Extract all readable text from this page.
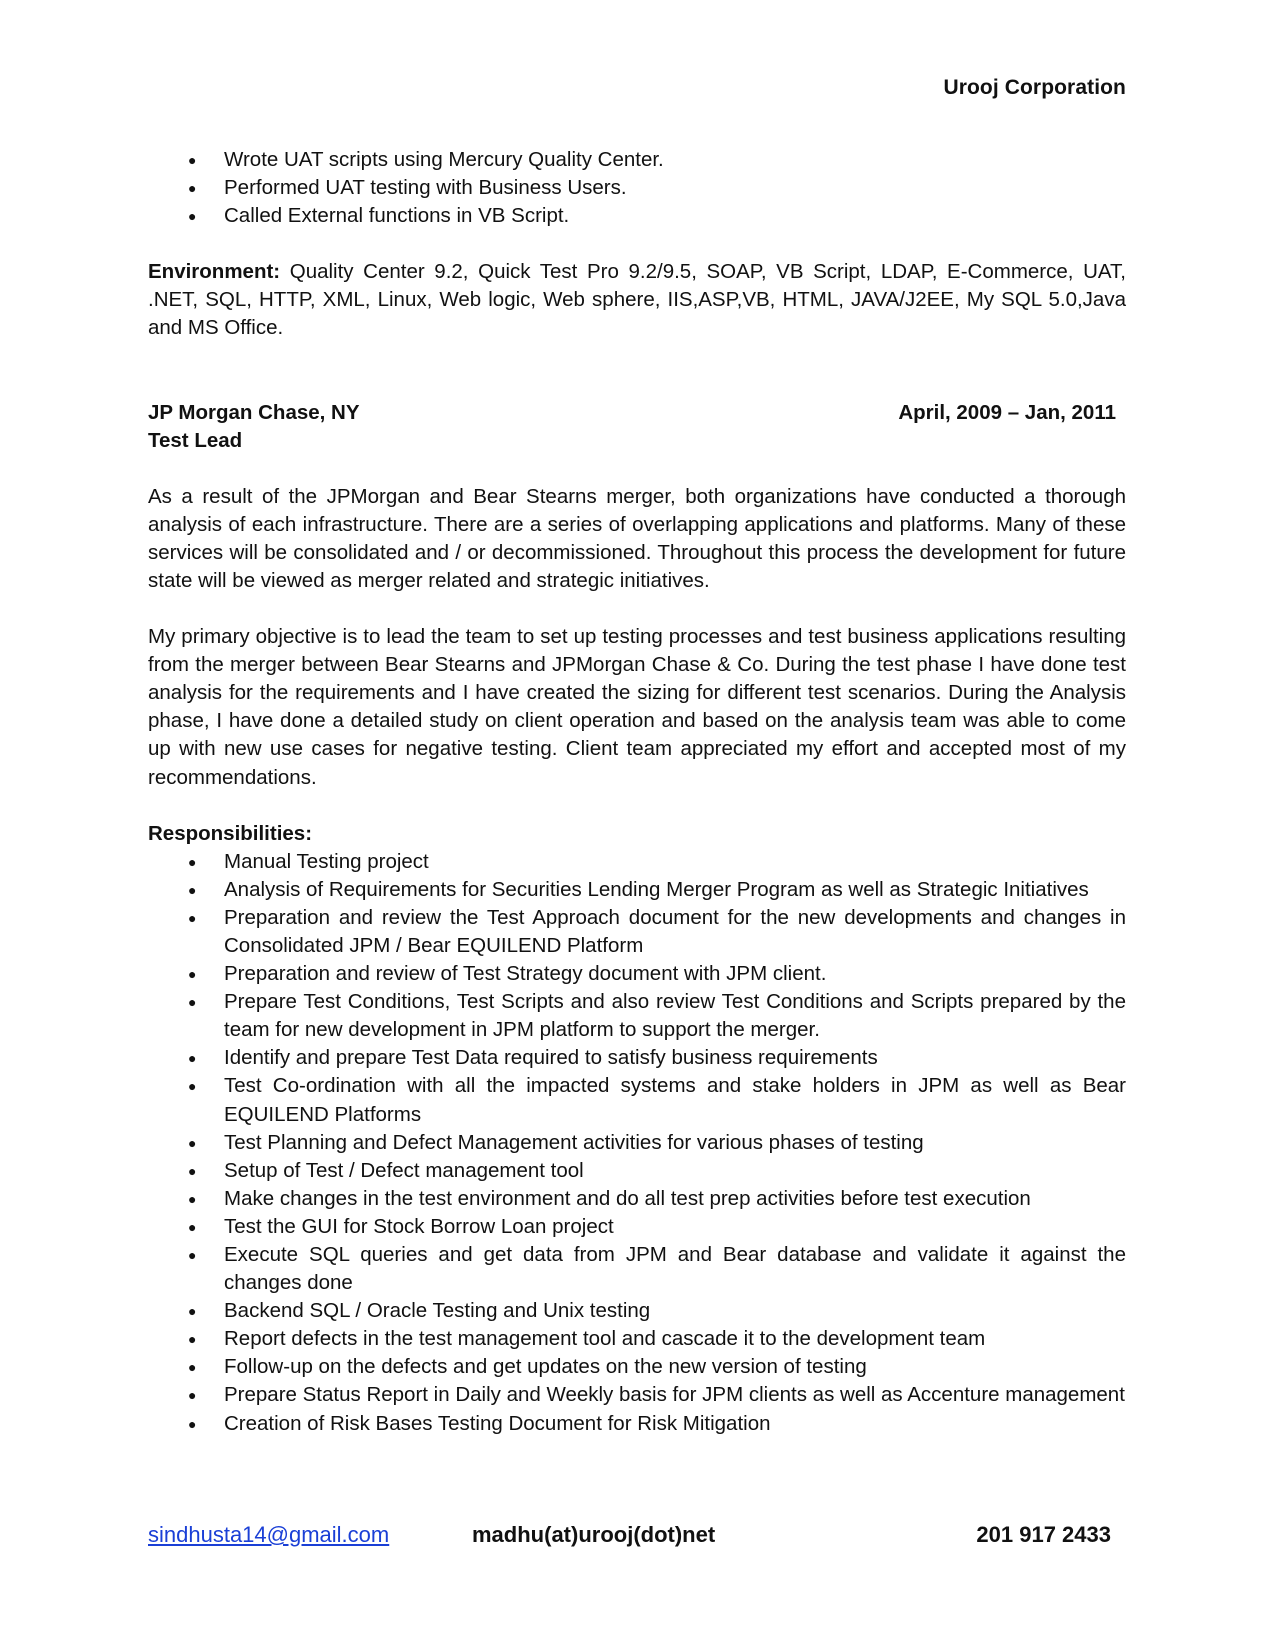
Urooj Corporation
● Wrote UAT scripts using Mercury Quality Center.
● Performed UAT testing with Business Users.
● Called External functions in VB Script.
Environment: Quality Center 9.2, Quick Test Pro 9.2/9.5, SOAP, VB Script, LDAP, E-Commerce, UAT, .NET, SQL, HTTP, XML, Linux, Web logic, Web sphere, IIS,ASP,VB, HTML, JAVA/J2EE, My SQL 5.0,Java and MS Office.
JP Morgan Chase, NY	April, 2009 – Jan, 2011
Test Lead
As a result of the JPMorgan and Bear Stearns merger, both organizations have conducted a thorough analysis of each infrastructure. There are a series of overlapping applications and platforms. Many of these services will be consolidated and / or decommissioned. Throughout this process the development for future state will be viewed as merger related and strategic initiatives.
My primary objective is to lead the team to set up testing processes and test business applications resulting from the merger between Bear Stearns and JPMorgan Chase & Co. During the test phase I have done test analysis for the requirements and I have created the sizing for different test scenarios. During the Analysis phase, I have done a detailed study on client operation and based on the analysis team was able to come up with new use cases for negative testing. Client team appreciated my effort and accepted most of my recommendations.
Responsibilities:
● Manual Testing project
● Analysis of Requirements for Securities Lending Merger Program as well as Strategic Initiatives
● Preparation and review the Test Approach document for the new developments and changes in Consolidated JPM / Bear EQUILEND Platform
● Preparation and review of Test Strategy document with JPM client.
● Prepare Test Conditions, Test Scripts and also review Test Conditions and Scripts prepared by the team for new development in JPM platform to support the merger.
● Identify and prepare Test Data required to satisfy business requirements
● Test Co-ordination with all the impacted systems and stake holders in JPM as well as Bear EQUILEND Platforms
● Test Planning and Defect Management activities for various phases of testing
● Setup of Test / Defect management tool
● Make changes in the test environment and do all test prep activities before test execution
● Test the GUI for Stock Borrow Loan project
● Execute SQL queries and get data from JPM and Bear database and validate it against the changes done
● Backend SQL / Oracle Testing and Unix testing
● Report defects in the test management tool and cascade it to the development team
● Follow-up on the defects and get updates on the new version of testing
● Prepare Status Report in Daily and Weekly basis for JPM clients as well as Accenture management
● Creation of Risk Bases Testing Document for Risk Mitigation
sindhusta14@gmail.com	madhu(at)urooj(dot)net	201 917 2433
